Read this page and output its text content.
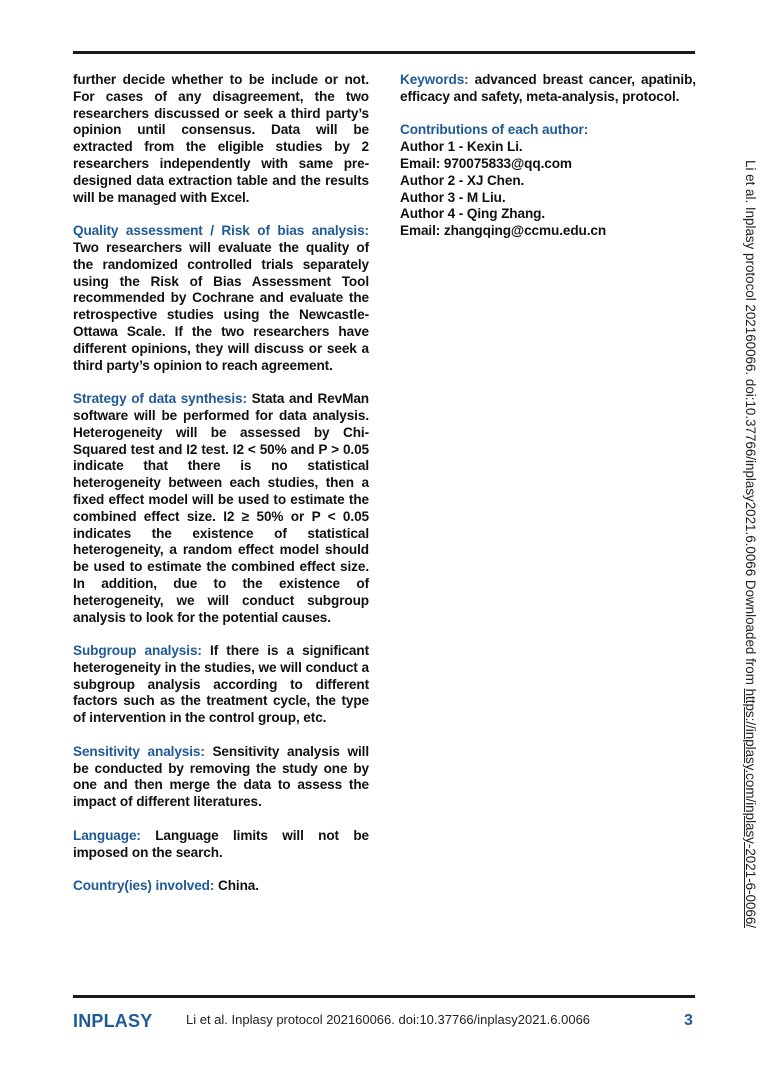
further decide whether to be include or not. For cases of any disagreement, the two researchers discussed or seek a third party’s opinion until consensus. Data will be extracted from the eligible studies by 2 researchers independently with same pre-designed data extraction table and the results will be managed with Excel.

Quality assessment / Risk of bias analysis: Two researchers will evaluate the quality of the randomized controlled trials separately using the Risk of Bias Assessment Tool recommended by Cochrane and evaluate the retrospective studies using the Newcastle-Ottawa Scale. If the two researchers have different opinions, they will discuss or seek a third party’s opinion to reach agreement.

Strategy of data synthesis: Stata and RevMan software will be performed for data analysis. Heterogeneity will be assessed by Chi-Squared test and I2 test. I2 < 50% and P > 0.05 indicate that there is no statistical heterogeneity between each studies, then a fixed effect model will be used to estimate the combined effect size. I2 ≥ 50% or P < 0.05 indicates the existence of statistical heterogeneity, a random effect model should be used to estimate the combined effect size. In addition, due to the existence of heterogeneity, we will conduct subgroup analysis to look for the potential causes.

Subgroup analysis: If there is a significant heterogeneity in the studies, we will conduct a subgroup analysis according to different factors such as the treatment cycle, the type of intervention in the control group, etc.

Sensitivity analysis: Sensitivity analysis will be conducted by removing the study one by one and then merge the data to assess the impact of different literatures.

Language: Language limits will not be imposed on the search.

Country(ies) involved: China.

Keywords: advanced breast cancer, apatinib, efficacy and safety, meta-analysis, protocol.

Contributions of each author:
Author 1 - Kexin Li.
Email: 970075833@qq.com
Author 2 - XJ Chen.
Author 3 - M Liu.
Author 4 - Qing Zhang.
Email: zhangqing@ccmu.edu.cn	Li et al. Inplasy protocol 202160066. doi:10.37766/inplasy2021.6.0066 Downloaded from https://inplasy.com/inplasy-2021-6-0066/
INPLASY	Li et al. Inplasy protocol 202160066. doi:10.37766/inplasy2021.6.0066	3
